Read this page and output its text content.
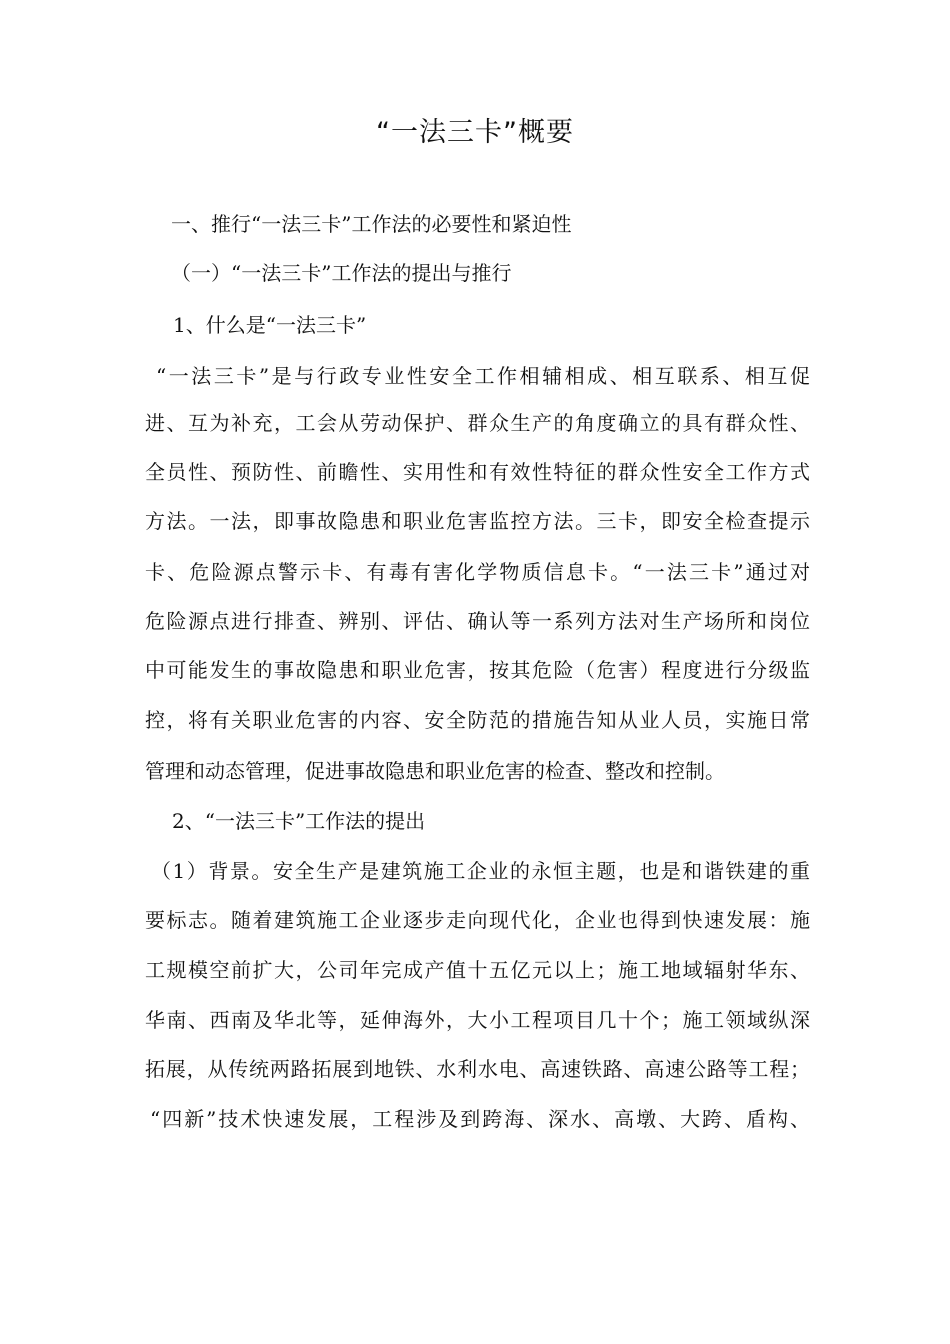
“一法三卡”概要
一、推行“一法三卡”工作法的必要性和紧迫性
（一）“一法三卡”工作法的提出与推行
1、什么是“一法三卡”
“一法三卡”是与行政专业性安全工作相辅相成、相互联系、相互促
进、互为补充，工会从劳动保护、群众生产的角度确立的具有群众性、
全员性、预防性、前瞻性、实用性和有效性特征的群众性安全工作方式
方法。一法，即事故隐患和职业危害监控方法。三卡，即安全检查提示
卡、危险源点警示卡、有毒有害化学物质信息卡。“一法三卡”通过对
危险源点进行排查、辨别、评估、确认等一系列方法对生产场所和岗位
中可能发生的事故隐患和职业危害，按其危险（危害）程度进行分级监
控，将有关职业危害的内容、安全防范的措施告知从业人员，实施日常
管理和动态管理，促进事故隐患和职业危害的检查、整改和控制。
2、“一法三卡”工作法的提出
（1）背景。安全生产是建筑施工企业的永恒主题，也是和谐铁建的重
要标志。随着建筑施工企业逐步走向现代化，企业也得到快速发展：施
工规模空前扩大，公司年完成产值十五亿元以上；施工地域辐射华东、
华南、西南及华北等，延伸海外，大小工程项目几十个；施工领域纵深
拓展，从传统两路拓展到地铁、水利水电、高速铁路、高速公路等工程；
“四新”技术快速发展，工程涉及到跨海、深水、高墩、大跨、盾构、
